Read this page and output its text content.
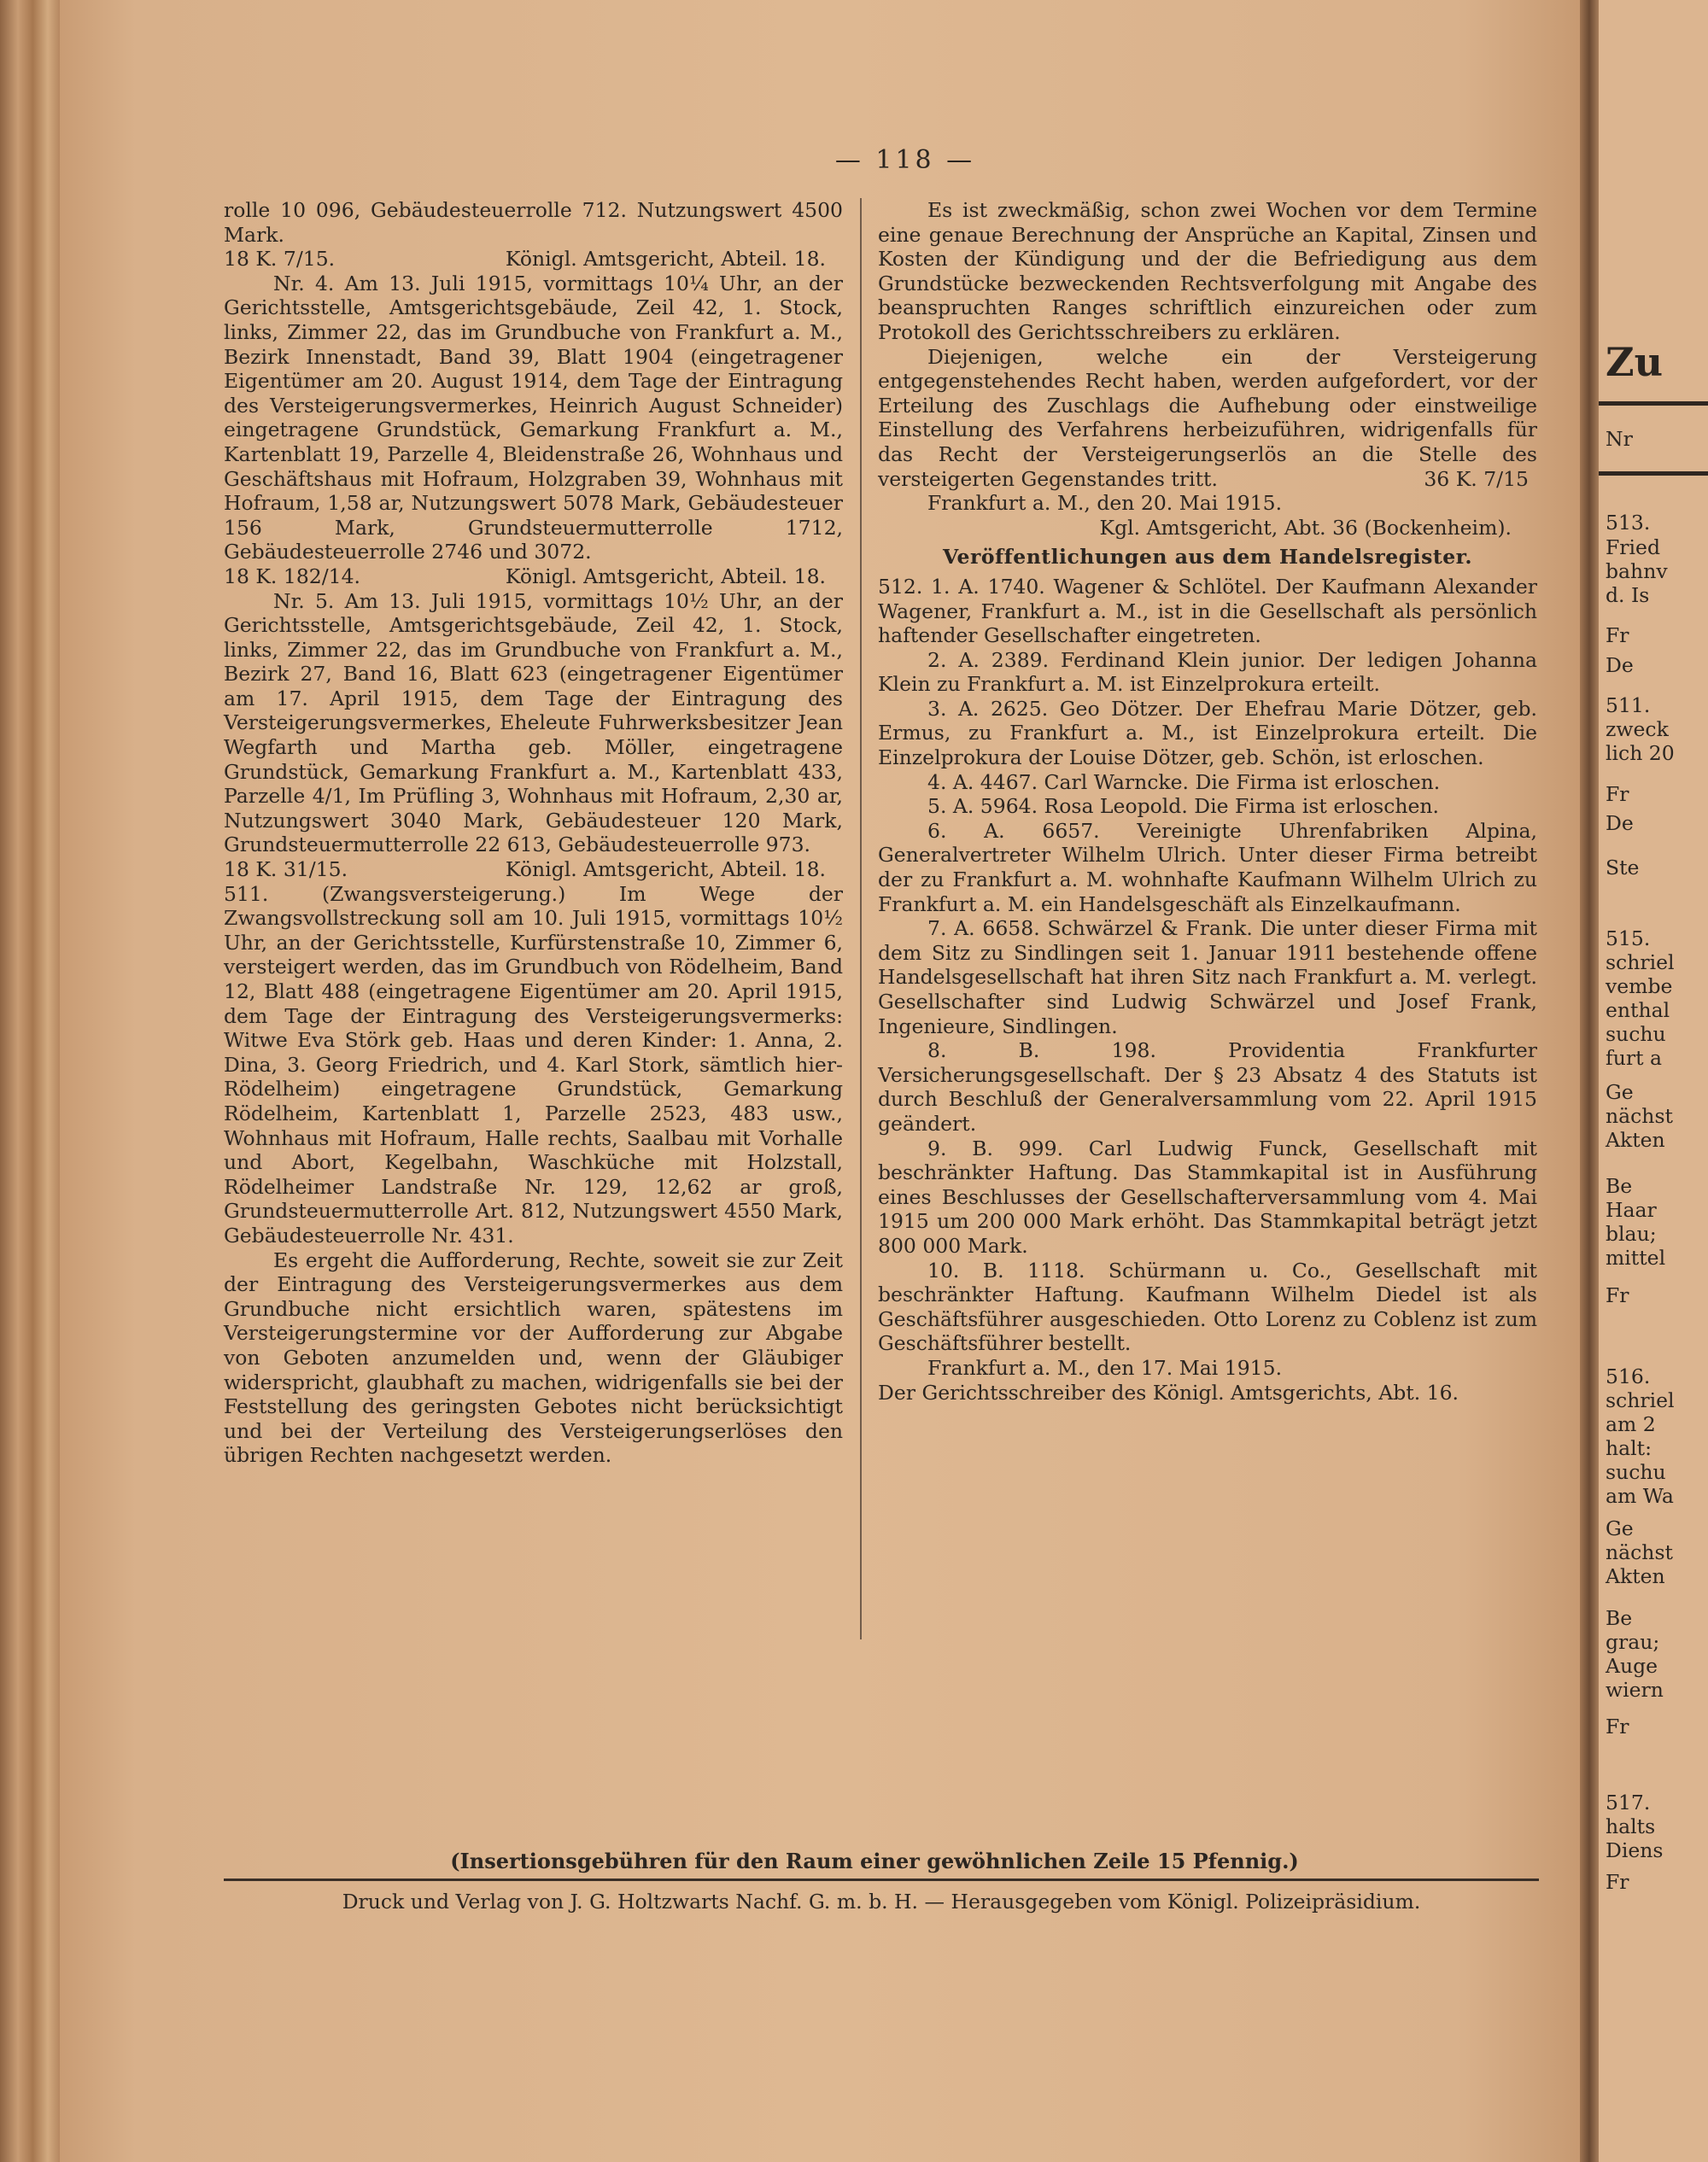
Zu
Nr
513.
Fried
bahnv
d. Is
Fr
De
511.
zweck
lich 20
Fr
De
Ste
515.
schriel
vembe
enthal
suchu
furt a
Ge
nächst
Akten
Be
Haar
blau;
mittel
Fr
516.
schriel
am 2
halt:
suchu
am Wa
Ge
nächst
Akten
Be
grau;
Auge
wiern
Fr
517.
halts
Diens
Fr
— 118 —

rolle 10 096, Gebäudesteuerrolle 712. Nutzungswert 4500 Mark.

18 K. 7/15.	Königl. Amtsgericht, Abteil. 18.

Nr. 4. Am 13. Juli 1915, vormittags 10¼ Uhr, an der Gerichtsstelle, Amtsgerichtsgebäude, Zeil 42, 1. Stock, links, Zimmer 22, das im Grundbuche von Frankfurt a. M., Bezirk Innenstadt, Band 39, Blatt 1904 (eingetragener Eigentümer am 20. August 1914, dem Tage der Eintragung des Versteigerungsvermerkes, Heinrich August Schneider) eingetragene Grundstück, Gemarkung Frankfurt a. M., Kartenblatt 19, Parzelle 4, Bleidenstraße 26, Wohnhaus und Geschäftshaus mit Hofraum, Holzgraben 39, Wohnhaus mit Hofraum, 1,58 ar, Nutzungswert 5078 Mark, Gebäudesteuer 156 Mark, Grundsteuermutterrolle 1712, Gebäudesteuerrolle 2746 und 3072.

18 K. 182/14.	Königl. Amtsgericht, Abteil. 18.

Nr. 5. Am 13. Juli 1915, vormittags 10½ Uhr, an der Gerichtsstelle, Amtsgerichtsgebäude, Zeil 42, 1. Stock, links, Zimmer 22, das im Grundbuche von Frankfurt a. M., Bezirk 27, Band 16, Blatt 623 (eingetragener Eigentümer am 17. April 1915, dem Tage der Eintragung des Versteigerungsvermerkes, Eheleute Fuhrwerksbesitzer Jean Wegfarth und Martha geb. Möller, eingetragene Grundstück, Gemarkung Frankfurt a. M., Kartenblatt 433, Parzelle 4/1, Im Prüfling 3, Wohnhaus mit Hofraum, 2,30 ar, Nutzungswert 3040 Mark, Gebäudesteuer 120 Mark, Grundsteuermutterrolle 22 613, Gebäudesteuerrolle 973.

18 K. 31/15.	Königl. Amtsgericht, Abteil. 18.

511. (Zwangsversteigerung.) Im Wege der Zwangsvollstreckung soll am 10. Juli 1915, vormittags 10½ Uhr, an der Gerichtsstelle, Kurfürstenstraße 10, Zimmer 6, versteigert werden, das im Grundbuch von Rödelheim, Band 12, Blatt 488 (eingetragene Eigentümer am 20. April 1915, dem Tage der Eintragung des Versteigerungsvermerks: Witwe Eva Störk geb. Haas und deren Kinder: 1. Anna, 2. Dina, 3. Georg Friedrich, und 4. Karl Stork, sämtlich hier-Rödelheim) eingetragene Grundstück, Gemarkung Rödelheim, Kartenblatt 1, Parzelle 2523, 483 usw., Wohnhaus mit Hofraum, Halle rechts, Saalbau mit Vorhalle und Abort, Kegelbahn, Waschküche mit Holzstall, Rödelheimer Landstraße Nr. 129, 12,62 ar groß, Grundsteuermutterrolle Art. 812, Nutzungswert 4550 Mark, Gebäudesteuerrolle Nr. 431.

Es ergeht die Aufforderung, Rechte, soweit sie zur Zeit der Eintragung des Versteigerungsvermerkes aus dem Grundbuche nicht ersichtlich waren, spätestens im Versteigerungstermine vor der Aufforderung zur Abgabe von Geboten anzumelden und, wenn der Gläubiger widerspricht, glaubhaft zu machen, widrigenfalls sie bei der Feststellung des geringsten Gebotes nicht berücksichtigt und bei der Verteilung des Versteigerungserlöses den übrigen Rechten nachgesetzt werden.

Es ist zweckmäßig, schon zwei Wochen vor dem Termine eine genaue Berechnung der Ansprüche an Kapital, Zinsen und Kosten der Kündigung und der die Befriedigung aus dem Grundstücke bezweckenden Rechtsverfolgung mit Angabe des beanspruchten Ranges schriftlich einzureichen oder zum Protokoll des Gerichtsschreibers zu erklären.

Diejenigen, welche ein der Versteigerung entgegenstehendes Recht haben, werden aufgefordert, vor der Erteilung des Zuschlags die Aufhebung oder einstweilige Einstellung des Verfahrens herbeizuführen, widrigenfalls für das Recht der Versteigerungserlös an die Stelle des versteigerten Gegenstandes tritt.	36 K. 7/15

Frankfurt a. M., den 20. Mai 1915.

Kgl. Amtsgericht, Abt. 36 (Bockenheim).

Veröffentlichungen aus dem Handelsregister.

512. 1. A. 1740. Wagener & Schlötel. Der Kaufmann Alexander Wagener, Frankfurt a. M., ist in die Gesellschaft als persönlich haftender Gesellschafter eingetreten.

2. A. 2389. Ferdinand Klein junior. Der ledigen Johanna Klein zu Frankfurt a. M. ist Einzelprokura erteilt.

3. A. 2625. Geo Dötzer. Der Ehefrau Marie Dötzer, geb. Ermus, zu Frankfurt a. M., ist Einzelprokura erteilt. Die Einzelprokura der Louise Dötzer, geb. Schön, ist erloschen.

4. A. 4467. Carl Warncke. Die Firma ist erloschen.

5. A. 5964. Rosa Leopold. Die Firma ist erloschen.

6. A. 6657. Vereinigte Uhrenfabriken Alpina, Generalvertreter Wilhelm Ulrich. Unter dieser Firma betreibt der zu Frankfurt a. M. wohnhafte Kaufmann Wilhelm Ulrich zu Frankfurt a. M. ein Handelsgeschäft als Einzelkaufmann.

7. A. 6658. Schwärzel & Frank. Die unter dieser Firma mit dem Sitz zu Sindlingen seit 1. Januar 1911 bestehende offene Handelsgesellschaft hat ihren Sitz nach Frankfurt a. M. verlegt. Gesellschafter sind Ludwig Schwärzel und Josef Frank, Ingenieure, Sindlingen.

8. B. 198. Providentia Frankfurter Versicherungsgesellschaft. Der § 23 Absatz 4 des Statuts ist durch Beschluß der Generalversammlung vom 22. April 1915 geändert.

9. B. 999. Carl Ludwig Funck, Gesellschaft mit beschränkter Haftung. Das Stammkapital ist in Ausführung eines Beschlusses der Gesellschafterversammlung vom 4. Mai 1915 um 200 000 Mark erhöht. Das Stammkapital beträgt jetzt 800 000 Mark.

10. B. 1118. Schürmann u. Co., Gesellschaft mit beschränkter Haftung. Kaufmann Wilhelm Diedel ist als Geschäftsführer ausgeschieden. Otto Lorenz zu Coblenz ist zum Geschäftsführer bestellt.

Frankfurt a. M., den 17. Mai 1915.

Der Gerichtsschreiber des Königl. Amtsgerichts, Abt. 16.

(Insertionsgebühren für den Raum einer gewöhnlichen Zeile 15 Pfennig.)
Druck und Verlag von J. G. Holtzwarts Nachf. G. m. b. H. — Herausgegeben vom Königl. Polizeipräsidium.
